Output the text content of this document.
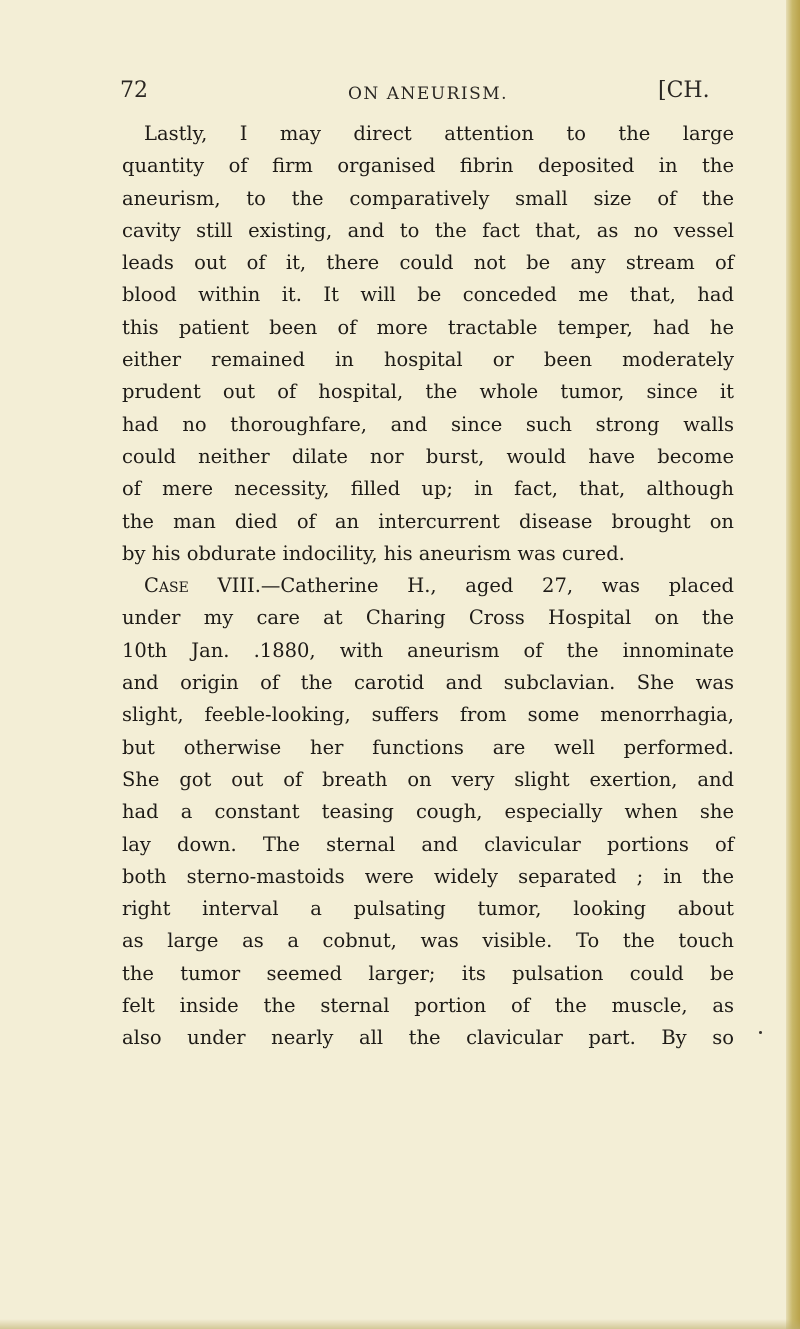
72	ON ANEURISM.	[CH.
Lastly, I may direct attention to the large
quantity of firm organised fibrin deposited in the
aneurism, to the comparatively small size of the
cavity still existing, and to the fact that, as no vessel
leads out of it, there could not be any stream of
blood within it. It will be conceded me that, had
this patient been of more tractable temper, had he
either remained in hospital or been moderately
prudent out of hospital, the whole tumor, since it
had no thoroughfare, and since such strong walls
could neither dilate nor burst, would have become
of mere necessity, filled up; in fact, that, although
the man died of an intercurrent disease brought on
by his obdurate indocility, his aneurism was cured.
Case VIII.—Catherine H., aged 27, was placed
under my care at Charing Cross Hospital on the
10th Jan. .1880, with aneurism of the innominate
and origin of the carotid and subclavian. She was
slight, feeble-looking, suffers from some menorrhagia,
but otherwise her functions are well performed.
She got out of breath on very slight exertion, and
had a constant teasing cough, especially when she
lay down. The sternal and clavicular portions of
both sterno-mastoids were widely separated ; in the
right interval a pulsating tumor, looking about
as large as a cobnut, was visible. To the touch
the tumor seemed larger; its pulsation could be
felt inside the sternal portion of the muscle, as
also under nearly all the clavicular part. By so
